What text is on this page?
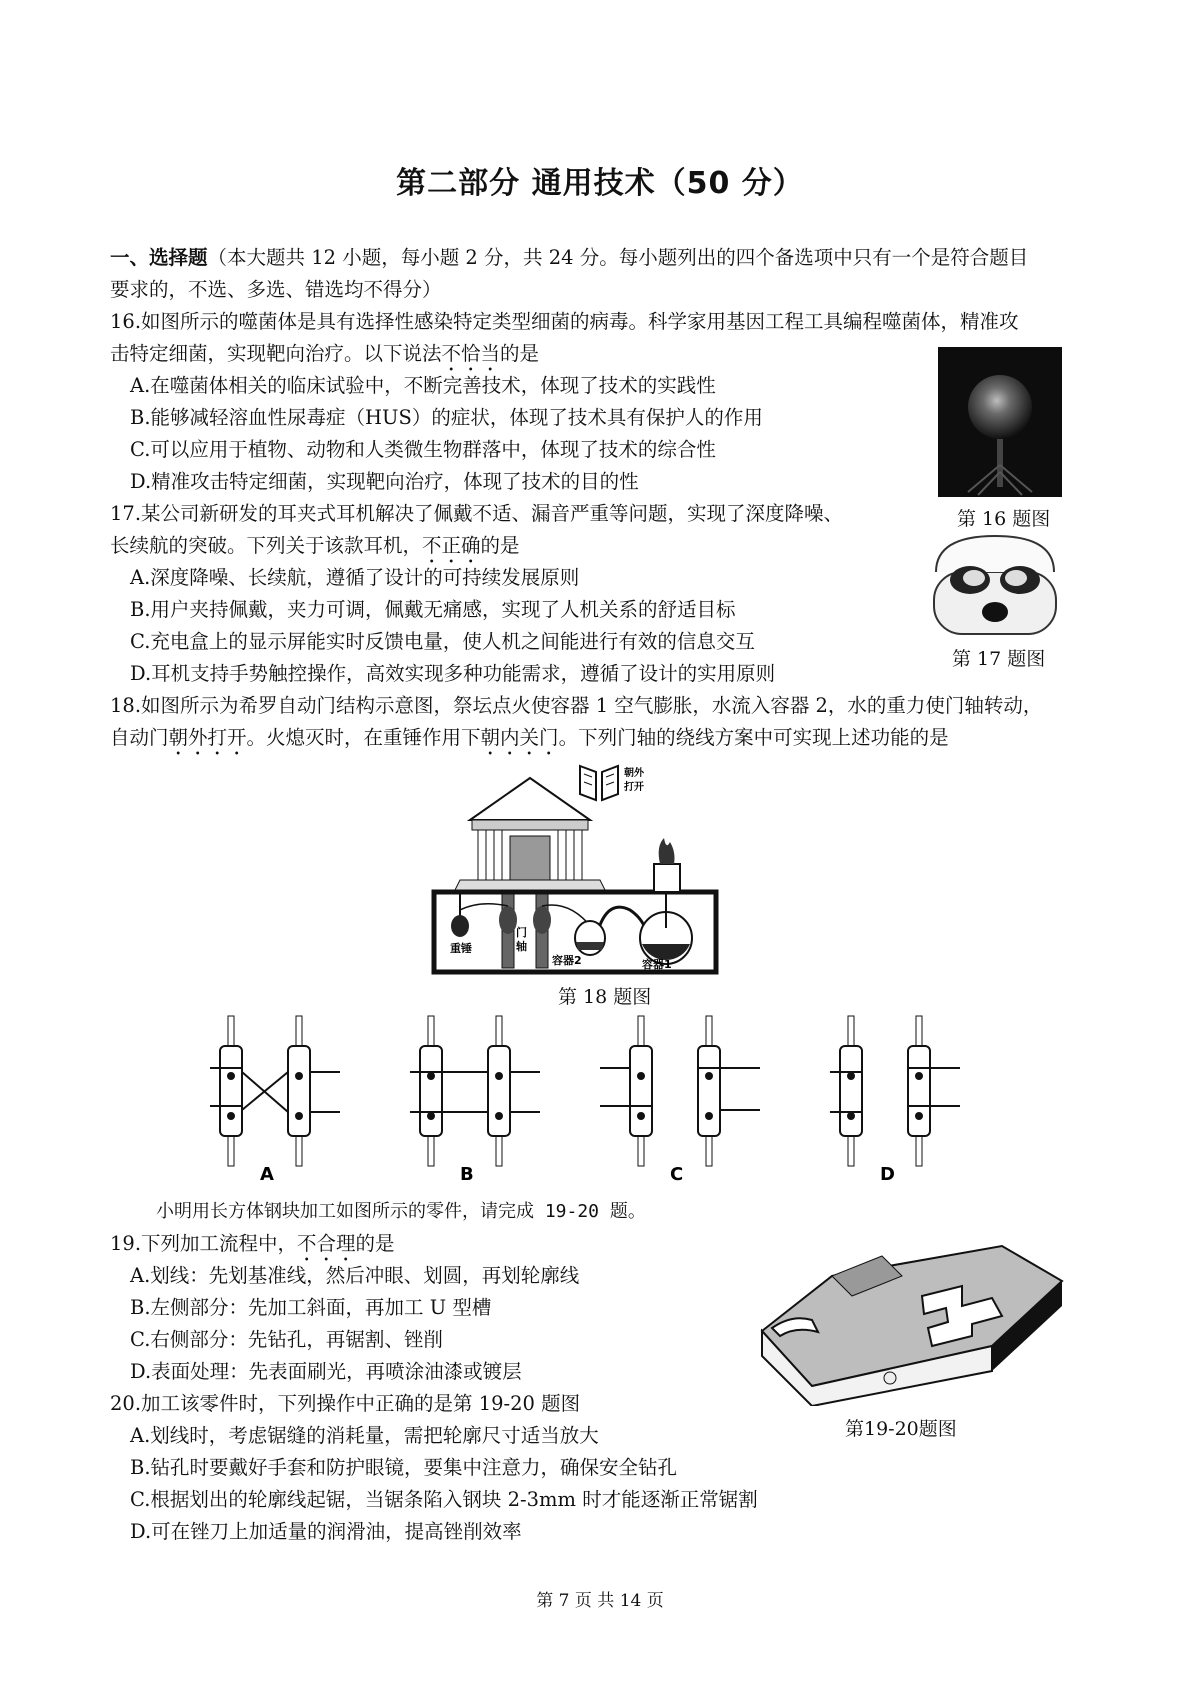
第二部分 通用技术（50 分）
一、选择题（本大题共 12 小题，每小题 2 分，共 24 分。每小题列出的四个备选项中只有一个是符合题目
要求的，不选、多选、错选均不得分）
16.如图所示的噬菌体是具有选择性感染特定类型细菌的病毒。科学家用基因工程工具编程噬菌体，精准攻
击特定细菌，实现靶向治疗。以下说法不恰当的是
A.在噬菌体相关的临床试验中，不断完善技术，体现了技术的实践性
B.能够减轻溶血性尿毒症（HUS）的症状，体现了技术具有保护人的作用
C.可以应用于植物、动物和人类微生物群落中，体现了技术的综合性
D.精准攻击特定细菌，实现靶向治疗，体现了技术的目的性
第 16 题图
17.某公司新研发的耳夹式耳机解决了佩戴不适、漏音严重等问题，实现了深度降噪、
长续航的突破。下列关于该款耳机，不正确的是
A.深度降噪、长续航，遵循了设计的可持续发展原则
B.用户夹持佩戴，夹力可调，佩戴无痛感，实现了人机关系的舒适目标
C.充电盒上的显示屏能实时反馈电量，使人机之间能进行有效的信息交互
D.耳机支持手势触控操作，高效实现多种功能需求，遵循了设计的实用原则
第 17 题图
18.如图所示为希罗自动门结构示意图，祭坛点火使容器 1 空气膨胀，水流入容器 2，水的重力使门轴转动，
自动门朝外打开。火熄灭时，在重锤作用下朝内关门。下列门轴的绕线方案中可实现上述功能的是
重锤
门
轴
容器2	容器1
朝外
打开
第 18 题图
A	B	C	D
小明用长方体钢块加工如图所示的零件，请完成 19-20 题。
19.下列加工流程中，不合理的是
A.划线：先划基准线，然后冲眼、划圆，再划轮廓线
B.左侧部分：先加工斜面，再加工 U 型槽
C.右侧部分：先钻孔，再锯割、锉削
D.表面处理：先表面刷光，再喷涂油漆或镀层
第19-20题图
20.加工该零件时，下列操作中正确的是第 19-20 题图
A.划线时，考虑锯缝的消耗量，需把轮廓尺寸适当放大
B.钻孔时要戴好手套和防护眼镜，要集中注意力，确保安全钻孔
C.根据划出的轮廓线起锯，当锯条陷入钢块 2-3mm 时才能逐渐正常锯割
D.可在锉刀上加适量的润滑油，提高锉削效率
第 7 页 共 14 页
